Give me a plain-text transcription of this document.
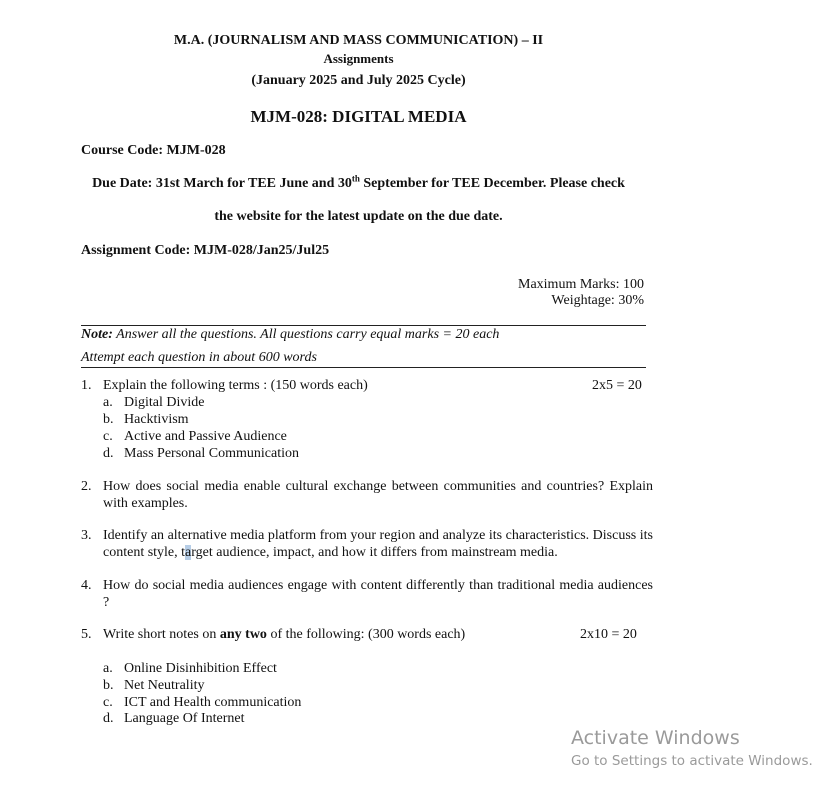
M.A. (JOURNALISM AND MASS COMMUNICATION) – II
Assignments
(January 2025 and July 2025 Cycle)
MJM-028: DIGITAL MEDIA
Course Code: MJM-028
Due Date: 31st March for TEE June and 30th September for TEE December. Please check
the website for the latest update on the due date.
Assignment Code: MJM-028/Jan25/Jul25
Maximum Marks: 100
Weightage: 30%
Note: Answer all the questions. All questions carry equal marks = 20 each
Attempt each question in about 600 words
1. Explain the following terms : (150 words each)	2x5 = 20
a. Digital Divide
b. Hacktivism
c. Active and Passive Audience
d. Mass Personal Communication
2. How does social media enable cultural exchange between communities and countries? Explain with examples.
3. Identify an alternative media platform from your region and analyze its characteristics. Discuss its content style, target audience, impact, and how it differs from mainstream media.
4. How do social media audiences engage with content differently than traditional media audiences ?
5. Write short notes on any two of the following: (300 words each)	2x10 = 20
a. Online Disinhibition Effect
b. Net Neutrality
c. ICT and Health communication
d. Language Of Internet
Activate Windows
Go to Settings to activate Windows.
